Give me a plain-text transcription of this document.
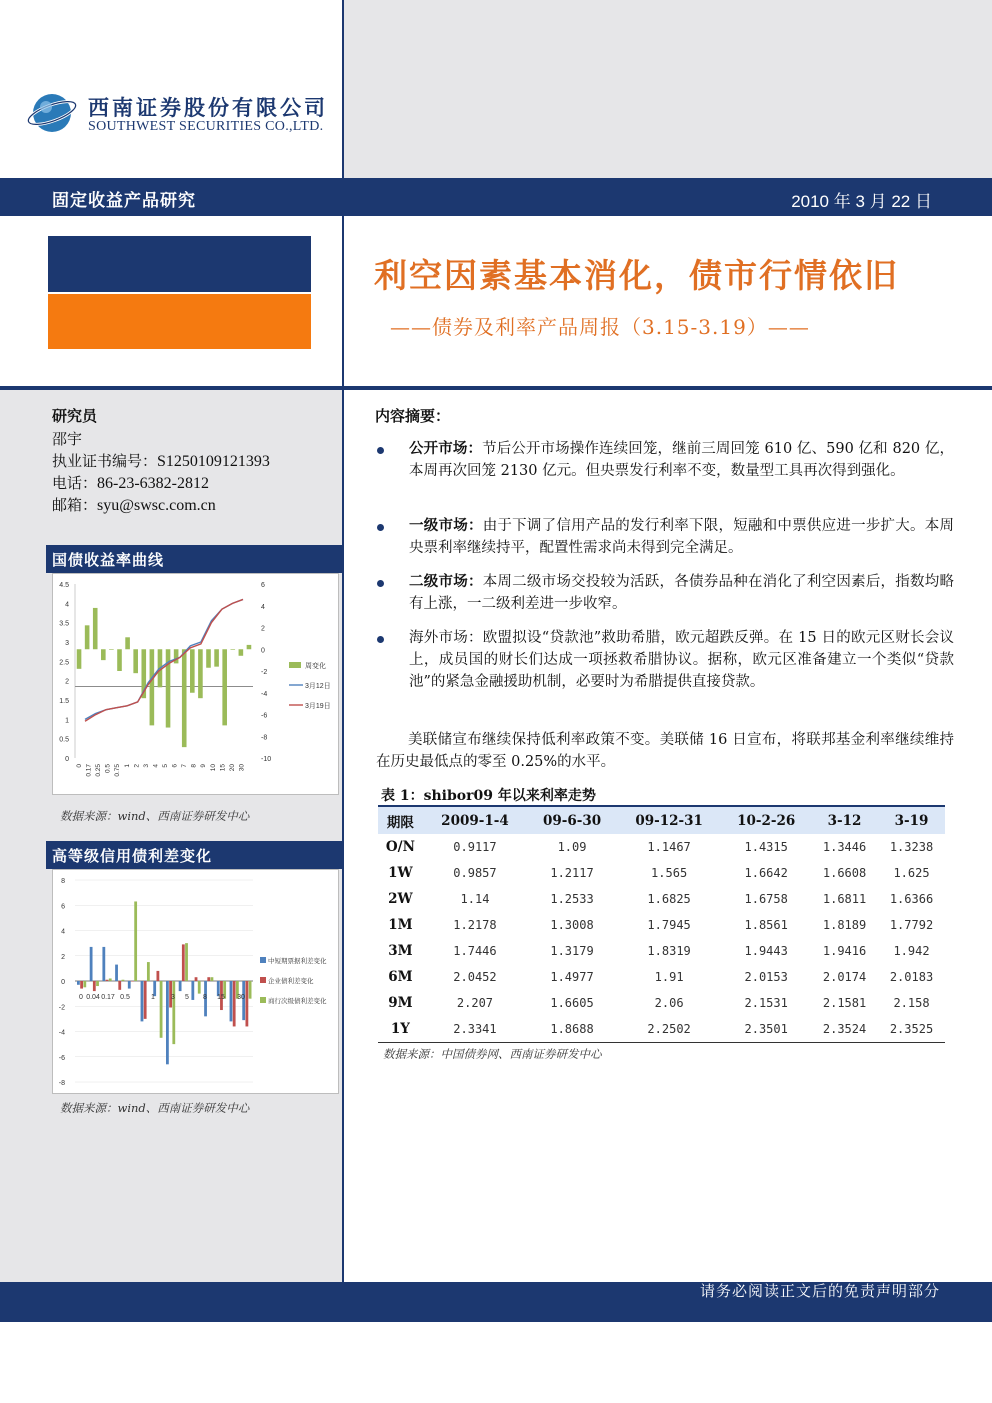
西南证券股份有限公司
SOUTHWEST SECURITIES CO.,LTD.
固定收益产品研究	2010 年 3 月 22 日
利空因素基本消化，债市行情依旧
——债券及利率产品周报（3.15-3.19）——
研究员
邵宇
执业证书编号：S1250109121393
电话：86-23-6382-2812
邮箱：syu@swsc.com.cn
国债收益率曲线
0
0.5
1
1.5
2
2.5
3
3.5
4
4.5
-10
-8
-6
-4
-2
0
2
4
6
0 0.17 0.25 0.5 0.75 1 2 3 4 5 6 7 8 9 10 15 20 30
周变化
3月12日
3月19日
数据来源：wind、西南证券研发中心
高等级信用债利差变化
-8
-6
-4
-2
0
2
4
6
8
0 0.04 0.17 0.5	1 3 5 8 15 30
中短期票据利差变化
企业债利差变化
商行次级债利差变化
数据来源：wind、西南证券研发中心
内容摘要：
公开市场：节后公开市场操作连续回笼，继前三周回笼 610 亿、590 亿和 820 亿，本周再次回笼 2130 亿元。但央票发行利率不变，数量型工具再次得到强化。
一级市场：由于下调了信用产品的发行利率下限，短融和中票供应进一步扩大。本周央票利率继续持平，配置性需求尚未得到完全满足。
二级市场：本周二级市场交投较为活跃，各债券品种在消化了利空因素后，指数均略有上涨，一二级利差进一步收窄。
海外市场：欧盟拟设“贷款池”救助希腊，欧元超跌反弹。在 15 日的欧元区财长会议上，成员国的财长们达成一项拯救希腊协议。据称，欧元区准备建立一个类似“贷款池”的紧急金融援助机制，必要时为希腊提供直接贷款。
美联储宣布继续保持低利率政策不变。美联储 16 日宣布，将联邦基金利率继续维持在历史最低点的零至 0.25%的水平。
表 1：shibor09 年以来利率走势
期限	2009-1-4	09-6-30	09-12-31	10-2-26	3-12	3-19
O/N	0.9117	1.09	1.1467	1.4315	1.3446	1.3238
1W	0.9857	1.2117	1.565	1.6642	1.6608	1.625
2W	1.14	1.2533	1.6825	1.6758	1.6811	1.6366
1M	1.2178	1.3008	1.7945	1.8561	1.8189	1.7792
3M	1.7446	1.3179	1.8319	1.9443	1.9416	1.942
6M	2.0452	1.4977	1.91	2.0153	2.0174	2.0183
9M	2.207	1.6605	2.06	2.1531	2.1581	2.158
1Y	2.3341	1.8688	2.2502	2.3501	2.3524	2.3525
数据来源：中国债券网、西南证券研发中心
请务必阅读正文后的免责声明部分
